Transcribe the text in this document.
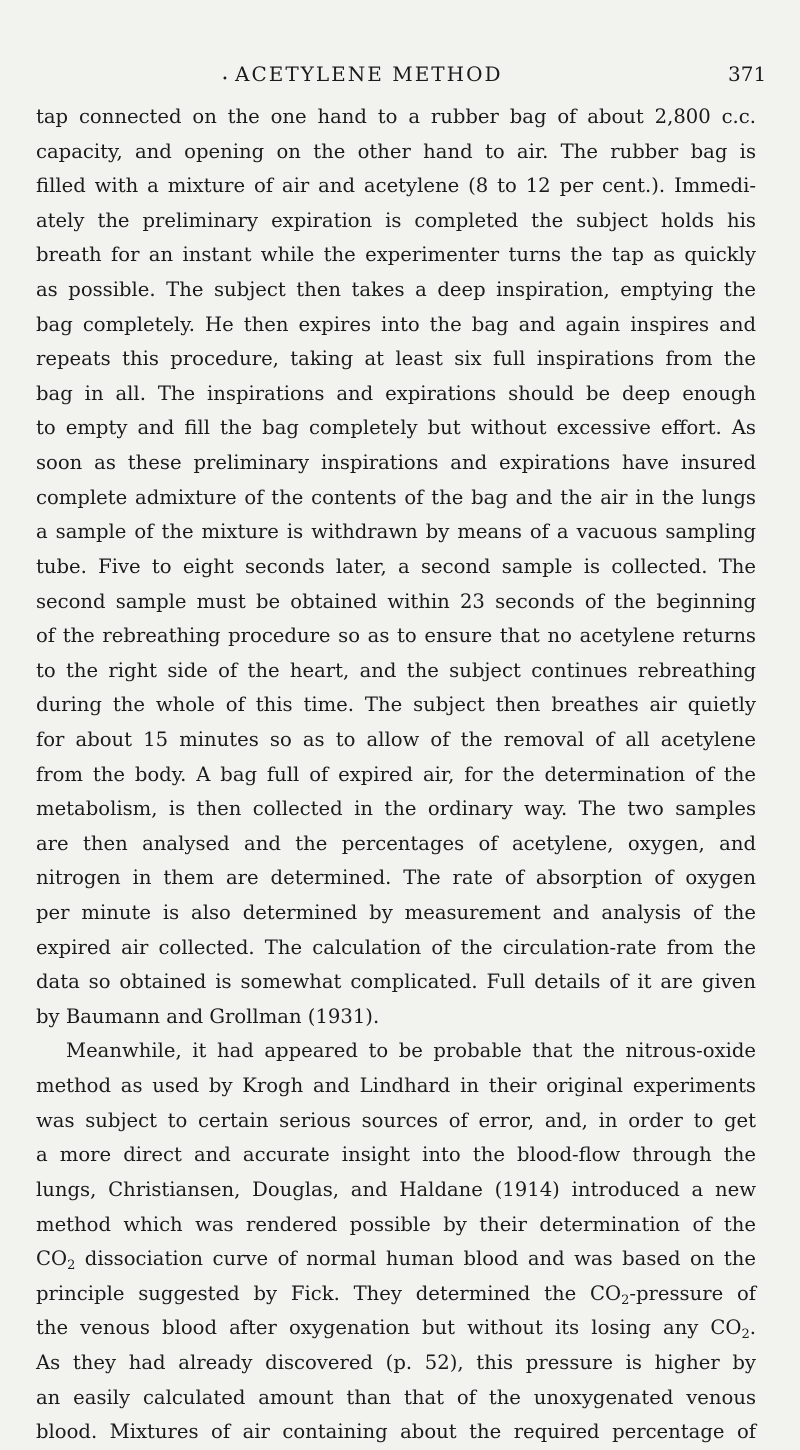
• ACETYLENE METHOD	371
tap connected on the one hand to a rubber bag of about 2,800 c.c.
capacity, and opening on the other hand to air. The rubber bag is
filled with a mixture of air and acetylene (8 to 12 per cent.). Immedi-
ately the preliminary expiration is completed the subject holds his
breath for an instant while the experimenter turns the tap as quickly
as possible. The subject then takes a deep inspiration, emptying the
bag completely. He then expires into the bag and again inspires and
repeats this procedure, taking at least six full inspirations from the
bag in all. The inspirations and expirations should be deep enough
to empty and fill the bag completely but without excessive effort. As
soon as these preliminary inspirations and expirations have insured
complete admixture of the contents of the bag and the air in the lungs
a sample of the mixture is withdrawn by means of a vacuous sampling
tube. Five to eight seconds later, a second sample is collected. The
second sample must be obtained within 23 seconds of the beginning
of the rebreathing procedure so as to ensure that no acetylene returns
to the right side of the heart, and the subject continues rebreathing
during the whole of this time. The subject then breathes air quietly
for about 15 minutes so as to allow of the removal of all acetylene
from the body. A bag full of expired air, for the determination of the
metabolism, is then collected in the ordinary way. The two samples
are then analysed and the percentages of acetylene, oxygen, and
nitrogen in them are determined. The rate of absorption of oxygen
per minute is also determined by measurement and analysis of the
expired air collected. The calculation of the circulation-rate from the
data so obtained is somewhat complicated. Full details of it are given
by Baumann and Grollman (1931).
Meanwhile, it had appeared to be probable that the nitrous-oxide
method as used by Krogh and Lindhard in their original experiments
was subject to certain serious sources of error, and, in order to get
a more direct and accurate insight into the blood-flow through the
lungs, Christiansen, Douglas, and Haldane (1914) introduced a new
method which was rendered possible by their determination of the
$CO_2$ dissociation curve of normal human blood and was based on the
principle suggested by Fick. They determined the $CO_2$-pressure of
the venous blood after oxygenation but without its losing any $CO_2$.
As they had already discovered (p. 52), this pressure is higher by
an easily calculated amount than that of the unoxygenated venous
blood. Mixtures of air containing about the required percentage of
